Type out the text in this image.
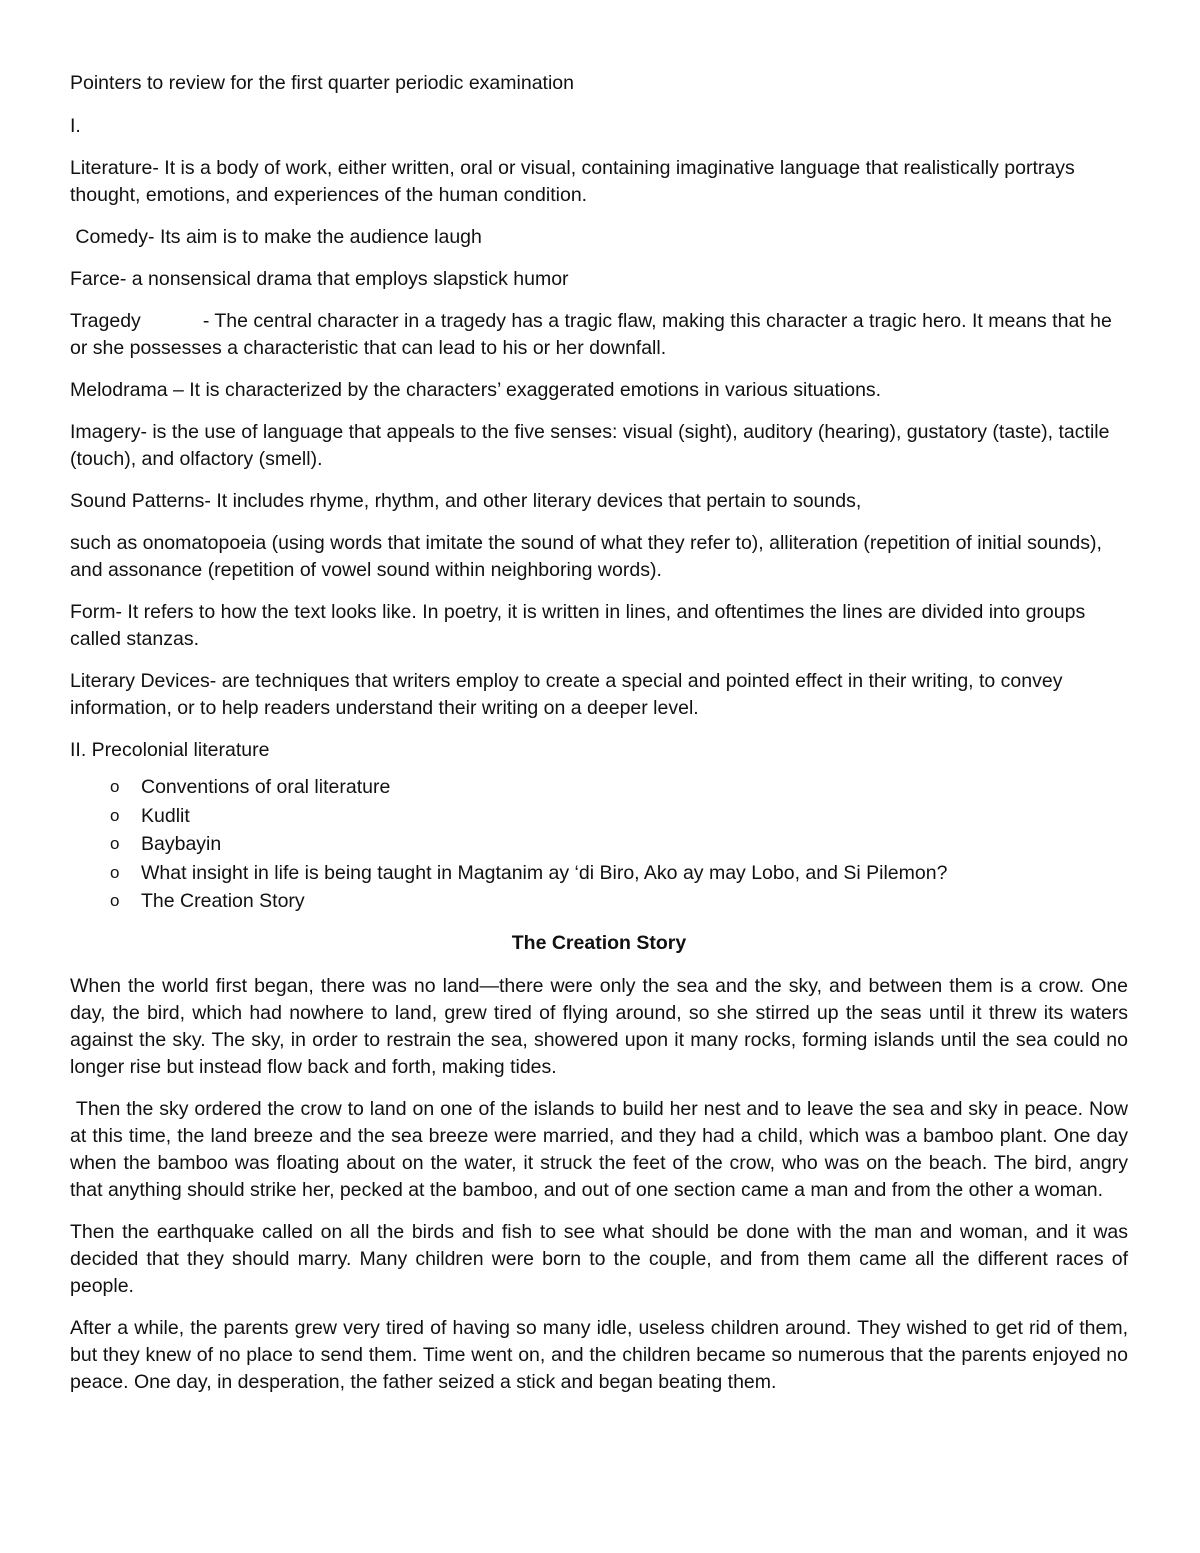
Pointers to review for the first quarter periodic examination

I.

Literature- It is a body of work, either written, oral or visual, containing imaginative language that realistically portrays thought, emotions, and experiences of the human condition.

Comedy- Its aim is to make the audience laugh

Farce- a nonsensical drama that employs slapstick humor

Tragedy	- The central character in a tragedy has a tragic flaw, making this character a tragic hero. It means that he or she possesses a characteristic that can lead to his or her downfall.

Melodrama – It is characterized by the characters’ exaggerated emotions in various situations.

Imagery- is the use of language that appeals to the five senses: visual (sight), auditory (hearing), gustatory (taste), tactile (touch), and olfactory (smell).

Sound Patterns- It includes rhyme, rhythm, and other literary devices that pertain to sounds,

such as onomatopoeia (using words that imitate the sound of what they refer to), alliteration (repetition of initial sounds), and assonance (repetition of vowel sound within neighboring words).

Form- It refers to how the text looks like. In poetry, it is written in lines, and oftentimes the lines are divided into groups called stanzas.

Literary Devices- are techniques that writers employ to create a special and pointed effect in their writing, to convey information, or to help readers understand their writing on a deeper level.

II. Precolonial literature

o Conventions of oral literature
o Kudlit
o Baybayin
o What insight in life is being taught in Magtanim ay ‘di Biro, Ako ay may Lobo, and Si Pilemon?
o The Creation Story

The Creation Story

When the world first began, there was no land—there were only the sea and the sky, and between them is a crow. One day, the bird, which had nowhere to land, grew tired of flying around, so she stirred up the seas until it threw its waters against the sky. The sky, in order to restrain the sea, showered upon it many rocks, forming islands until the sea could no longer rise but instead flow back and forth, making tides.

Then the sky ordered the crow to land on one of the islands to build her nest and to leave the sea and sky in peace. Now at this time, the land breeze and the sea breeze were married, and they had a child, which was a bamboo plant. One day when the bamboo was floating about on the water, it struck the feet of the crow, who was on the beach. The bird, angry that anything should strike her, pecked at the bamboo, and out of one section came a man and from the other a woman.

Then the earthquake called on all the birds and fish to see what should be done with the man and woman, and it was decided that they should marry. Many children were born to the couple, and from them came all the different races of people.

After a while, the parents grew very tired of having so many idle, useless children around. They wished to get rid of them, but they knew of no place to send them. Time went on, and the children became so numerous that the parents enjoyed no peace. One day, in desperation, the father seized a stick and began beating them.
